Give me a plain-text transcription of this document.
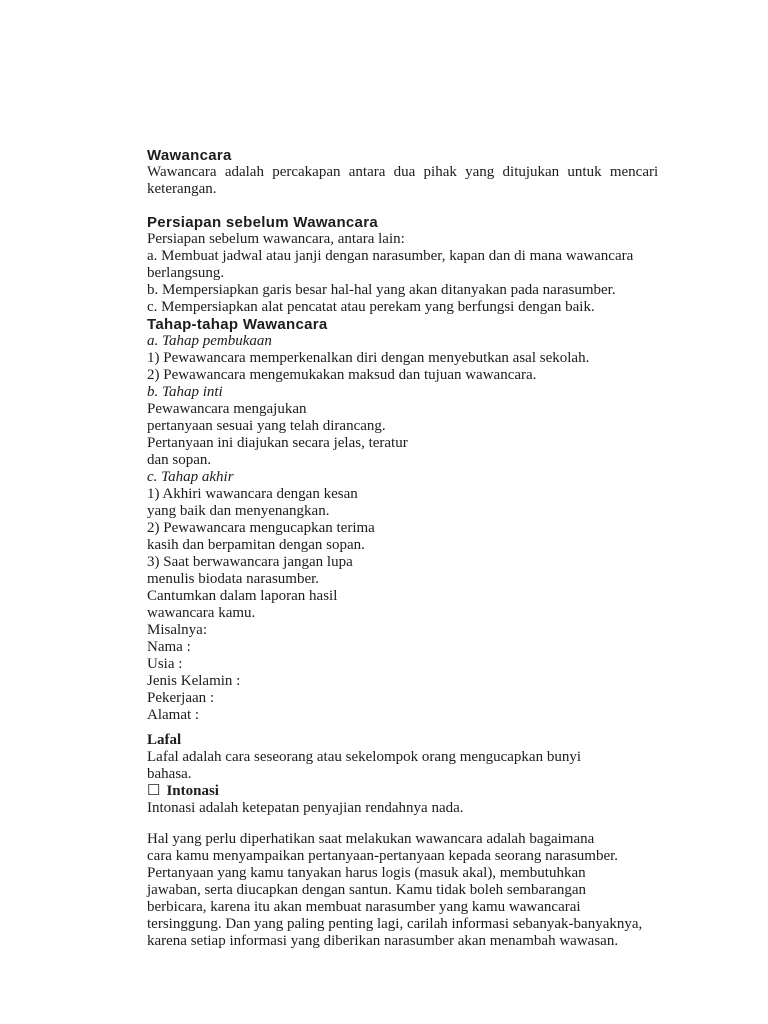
Wawancara
Wawancara adalah percakapan antara dua pihak yang ditujukan untuk mencari
keterangan.
Persiapan sebelum Wawancara
Persiapan sebelum wawancara, antara lain:
a. Membuat jadwal atau janji dengan narasumber, kapan dan di mana wawancara
berlangsung.
b. Mempersiapkan garis besar hal-hal yang akan ditanyakan pada narasumber.
c. Mempersiapkan alat pencatat atau perekam yang berfungsi dengan baik.
Tahap-tahap Wawancara
a. Tahap pembukaan
1) Pewawancara memperkenalkan diri dengan menyebutkan asal sekolah.
2) Pewawancara mengemukakan maksud dan tujuan wawancara.
b. Tahap inti
Pewawancara mengajukan
pertanyaan sesuai yang telah dirancang.
Pertanyaan ini diajukan secara jelas, teratur
dan sopan.
c. Tahap akhir
1) Akhiri wawancara dengan kesan
yang baik dan menyenangkan.
2) Pewawancara mengucapkan terima
kasih dan berpamitan dengan sopan.
3) Saat berwawancara jangan lupa
menulis biodata narasumber.
Cantumkan dalam laporan hasil
wawancara kamu.
Misalnya:
Nama :
Usia :
Jenis Kelamin :
Pekerjaan :
Alamat :
Lafal
Lafal adalah cara seseorang atau sekelompok orang mengucapkan bunyi
bahasa.
☐ Intonasi
Intonasi adalah ketepatan penyajian rendahnya nada.
Hal yang perlu diperhatikan saat melakukan wawancara adalah bagaimana
cara kamu menyampaikan pertanyaan-pertanyaan kepada seorang narasumber.
Pertanyaan yang kamu tanyakan harus logis (masuk akal), membutuhkan
jawaban, serta diucapkan dengan santun. Kamu tidak boleh sembarangan
berbicara, karena itu akan membuat narasumber yang kamu wawancarai
tersinggung. Dan yang paling penting lagi, carilah informasi sebanyak-banyaknya,
karena setiap informasi yang diberikan narasumber akan menambah wawasan.
